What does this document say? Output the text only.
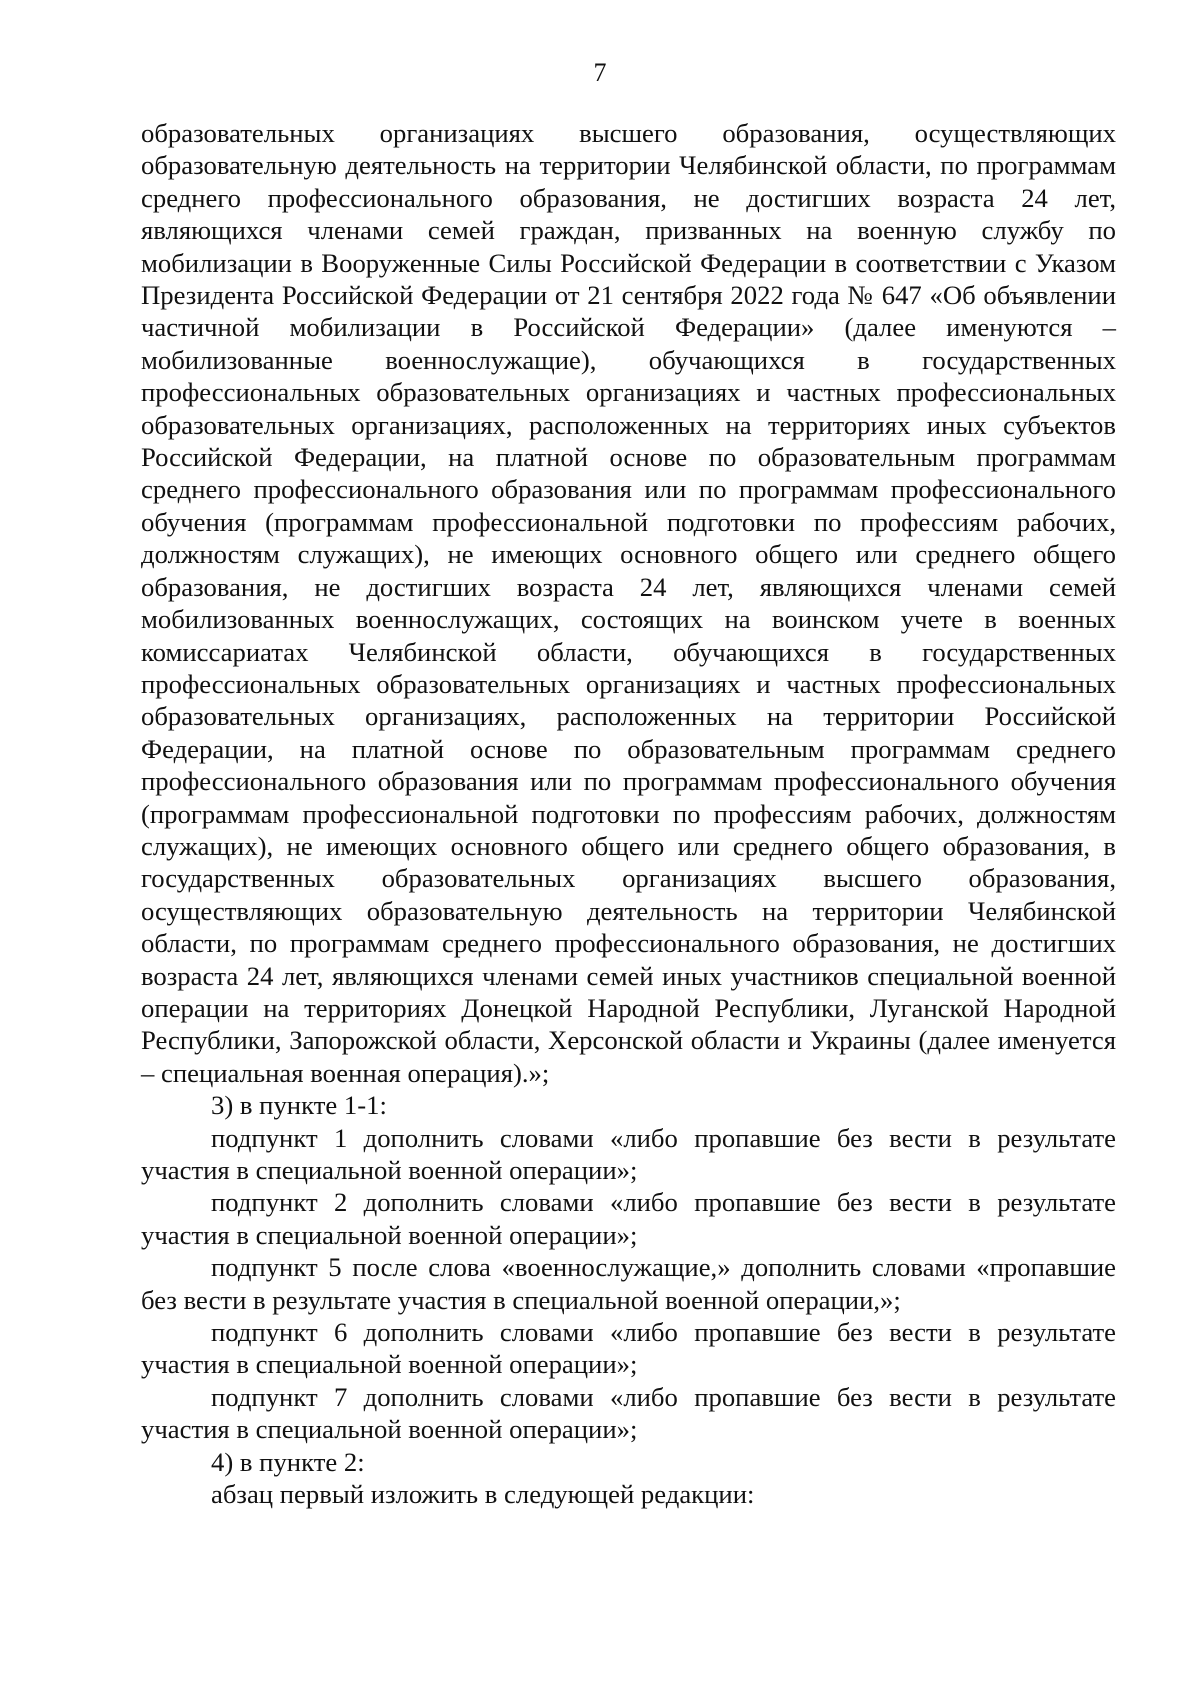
7

образовательных организациях высшего образования, осуществляющих образовательную деятельность на территории Челябинской области, по программам среднего профессионального образования, не достигших возраста 24 лет, являющихся членами семей граждан, призванных на военную службу по мобилизации в Вооруженные Силы Российской Федерации в соответствии с Указом Президента Российской Федерации от 21 сентября 2022 года № 647 «Об объявлении частичной мобилизации в Российской Федерации» (далее именуются – мобилизованные военнослужащие), обучающихся в государственных профессиональных образовательных организациях и частных профессиональных образовательных организациях, расположенных на территориях иных субъектов Российской Федерации, на платной основе по образовательным программам среднего профессионального образования или по программам профессионального обучения (программам профессиональной подготовки по профессиям рабочих, должностям служащих), не имеющих основного общего или среднего общего образования, не достигших возраста 24 лет, являющихся членами семей мобилизованных военнослужащих, состоящих на воинском учете в военных комиссариатах Челябинской области, обучающихся в государственных профессиональных образовательных организациях и частных профессиональных образовательных организациях, расположенных на территории Российской Федерации, на платной основе по образовательным программам среднего профессионального образования или по программам профессионального обучения (программам профессиональной подготовки по профессиям рабочих, должностям служащих), не имеющих основного общего или среднего общего образования, в государственных образовательных организациях высшего образования, осуществляющих образовательную деятельность на территории Челябинской области, по программам среднего профессионального образования, не достигших возраста 24 лет, являющихся членами семей иных участников специальной военной операции на территориях Донецкой Народной Республики, Луганской Народной Республики, Запорожской области, Херсонской области и Украины (далее именуется – специальная военная операция).»;

3) в пункте 1-1:

подпункт 1 дополнить словами «либо пропавшие без вести в результате участия в специальной военной операции»;

подпункт 2 дополнить словами «либо пропавшие без вести в результате участия в специальной военной операции»;

подпункт 5 после слова «военнослужащие,» дополнить словами «пропавшие без вести в результате участия в специальной военной операции,»;

подпункт 6 дополнить словами «либо пропавшие без вести в результате участия в специальной военной операции»;

подпункт 7 дополнить словами «либо пропавшие без вести в результате участия в специальной военной операции»;

4) в пункте 2:

абзац первый изложить в следующей редакции:
